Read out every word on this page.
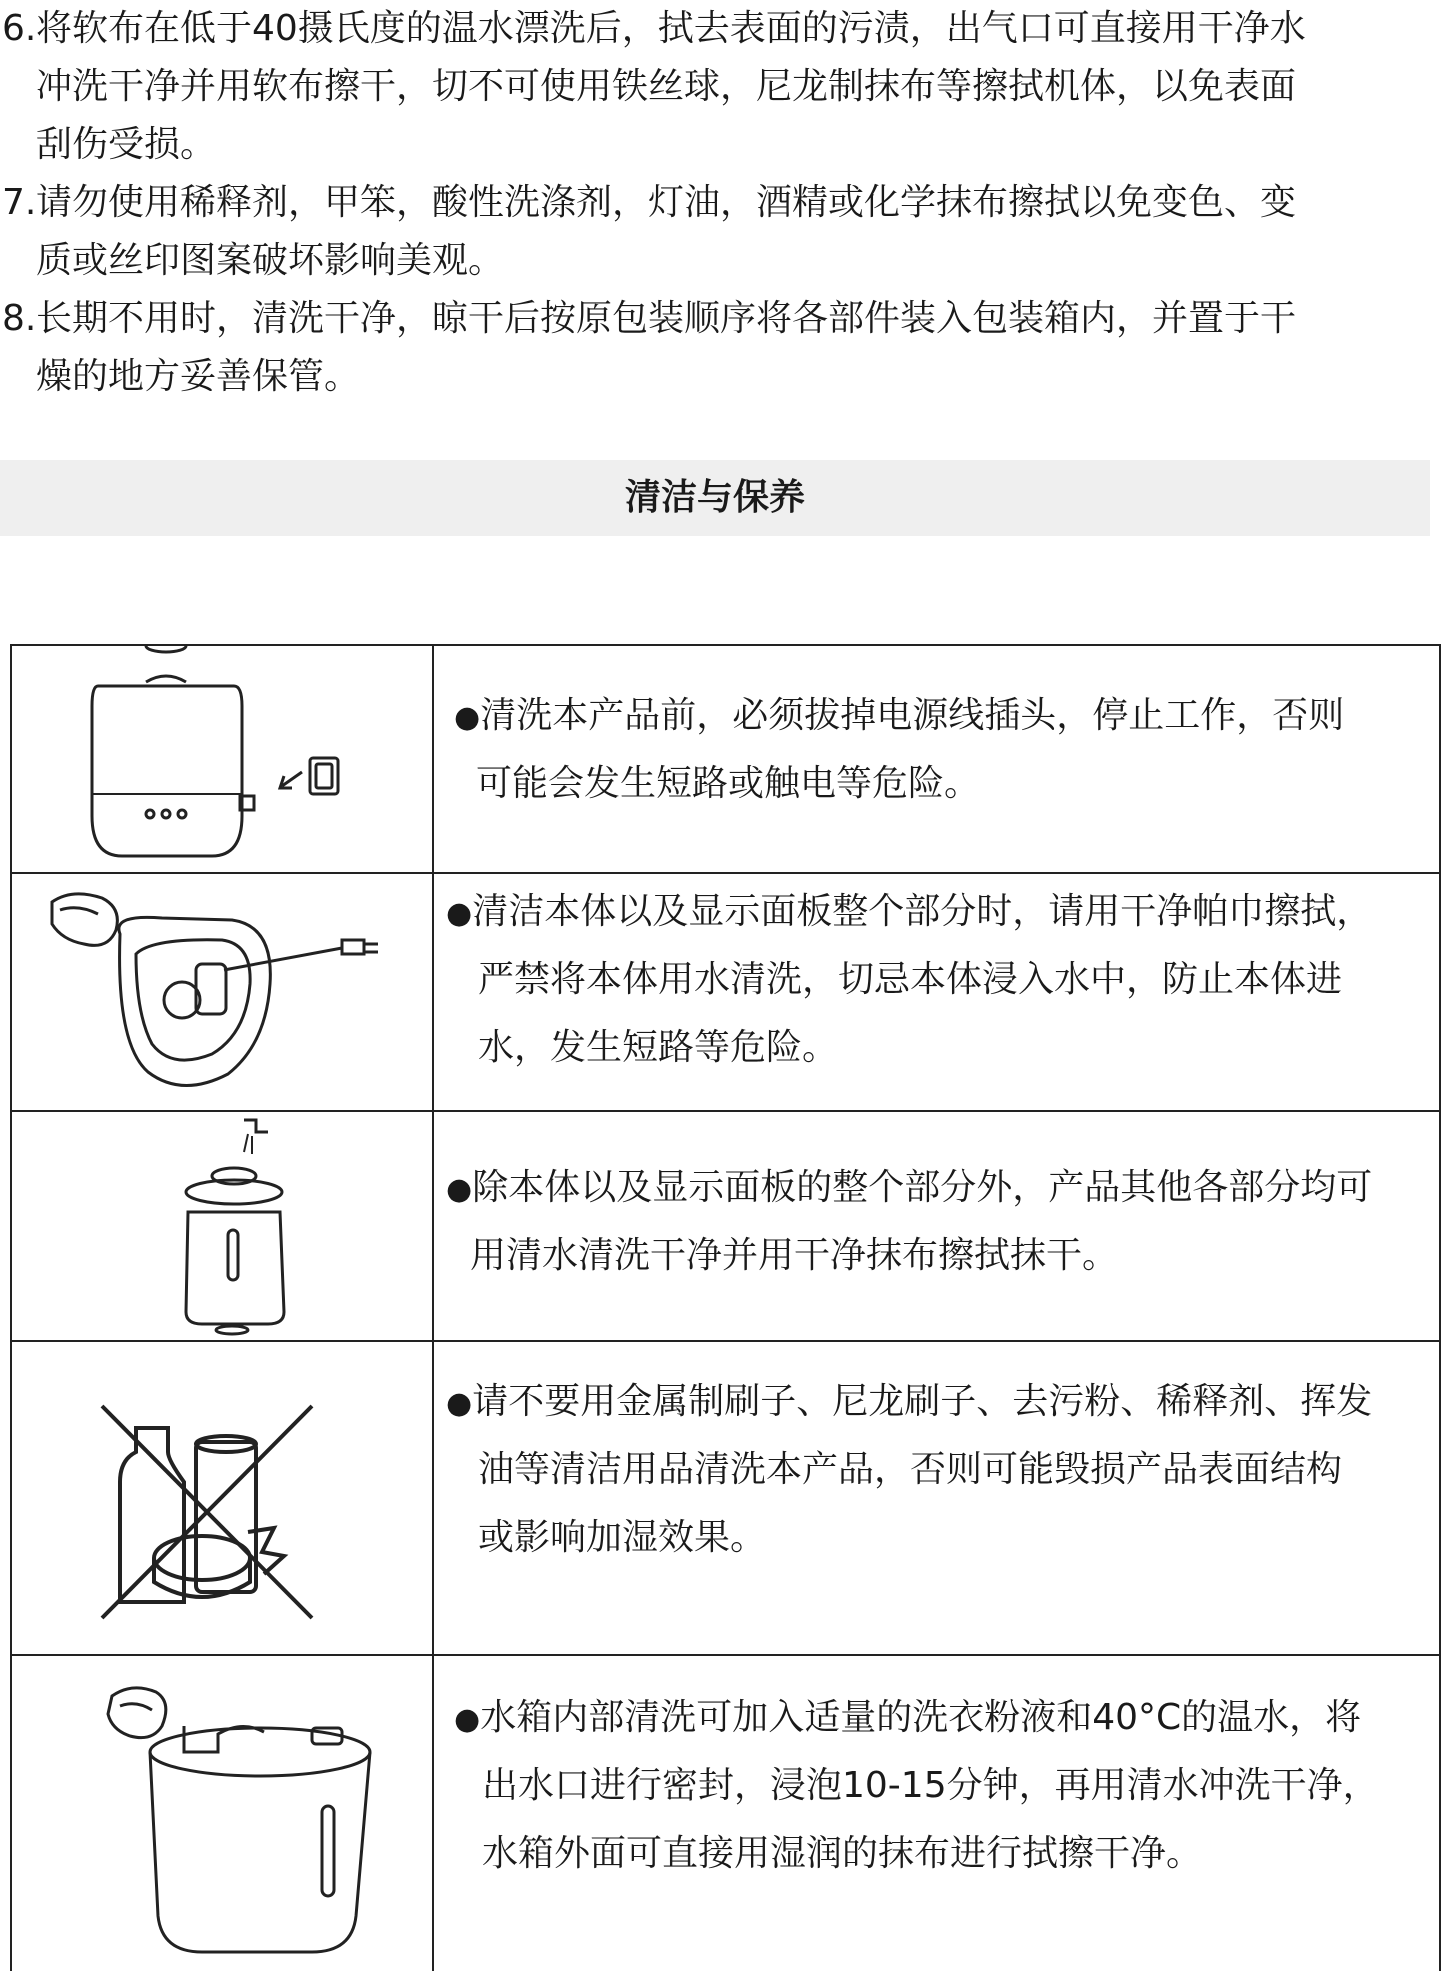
6. 将软布在低于40摄氏度的温水漂洗后，拭去表面的污渍，出气口可直接用干净水
冲洗干净并用软布擦干，切不可使用铁丝球，尼龙制抹布等擦拭机体，以免表面
刮伤受损。
7. 请勿使用稀释剂，甲笨，酸性洗涤剂，灯油，酒精或化学抹布擦拭以免变色、变
质或丝印图案破坏影响美观。
8. 长期不用时，清洗干净，晾干后按原包装顺序将各部件装入包装箱内，并置于干
燥的地方妥善保管。
清洁与保养
●清洗本产品前，必须拔掉电源线插头，停止工作，否则
可能会发生短路或触电等危险。
●清洁本体以及显示面板整个部分时，请用干净帕巾擦拭，
严禁将本体用水清洗，切忌本体浸入水中，防止本体进
水，发生短路等危险。
●除本体以及显示面板的整个部分外，产品其他各部分均可
用清水清洗干净并用干净抹布擦拭抹干。
●请不要用金属制刷子、尼龙刷子、去污粉、稀释剂、挥发
油等清洁用品清洗本产品，否则可能毁损产品表面结构
或影响加湿效果。
●水箱内部清洗可加入适量的洗衣粉液和40°C的温水，将
出水口进行密封，浸泡10-15分钟，再用清水冲洗干净，
水箱外面可直接用湿润的抹布进行拭擦干净。
